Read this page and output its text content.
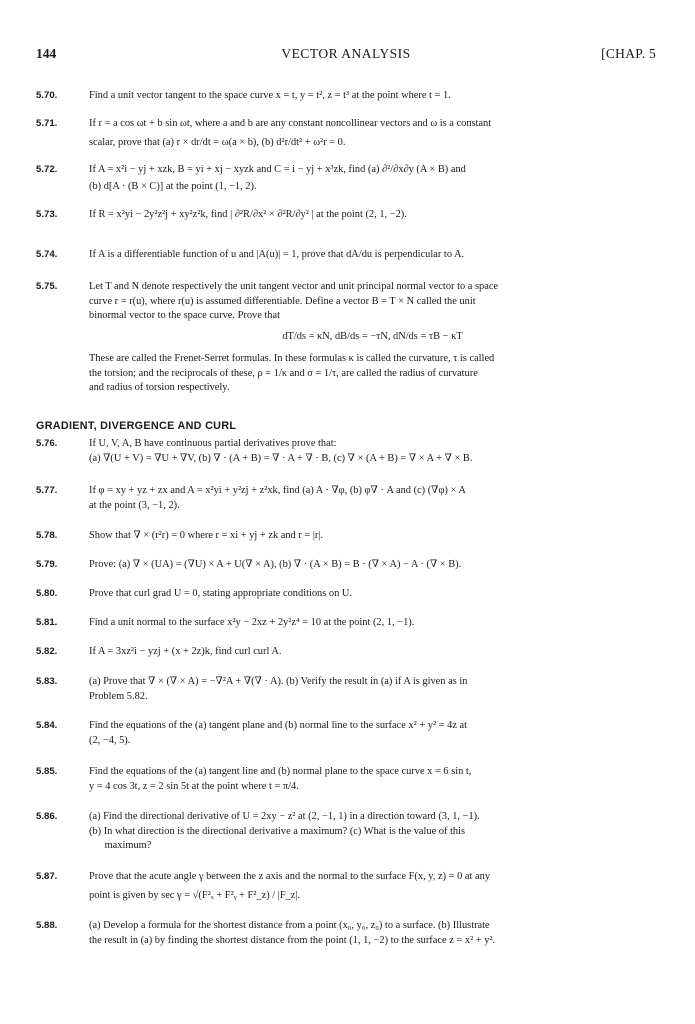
144	VECTOR ANALYSIS	[CHAP. 5
5.70.	Find a unit vector tangent to the space curve x = t, y = t², z = t³ at the point where t = 1.
5.71.	If r = a cos ωt + b sin ωt, where a and b are any constant noncollinear vectors and ω is a constant
scalar, prove that (a) r × dr/dt = ω(a × b), (b) d²r/dt² + ω²r = 0.
5.72.	If A = x²i − yj + xzk, B = yi + xj − xyzk and C = i − yj + x³zk, find (a) ∂²/∂x∂y (A × B) and
(b) d[A · (B × C)] at the point (1, −1, 2).
5.73.	If R = x²yi − 2y²z²j + xy²z²k, find | ∂²R/∂x² × ∂²R/∂y² | at the point (2, 1, −2).
5.74.	If A is a differentiable function of u and |A(u)| = 1, prove that dA/du is perpendicular to A.
5.75.	Let T and N denote respectively the unit tangent vector and unit principal normal vector to a space
curve r = r(u), where r(u) is assumed differentiable. Define a vector B = T × N called the unit
binormal vector to the space curve. Prove that
dT/ds = κN, dB/ds = −τN, dN/ds = τB − κT
These are called the Frenet-Serret formulas. In these formulas κ is called the curvature, τ is called
the torsion; and the reciprocals of these, ρ = 1/κ and σ = 1/τ, are called the radius of curvature
and radius of torsion respectively.
GRADIENT, DIVERGENCE AND CURL
5.76.	If U, V, A, B have continuous partial derivatives prove that:
(a) ∇(U + V) = ∇U + ∇V, (b) ∇ · (A + B) = ∇ · A + ∇ · B, (c) ∇ × (A + B) = ∇ × A + ∇ × B.
5.77.	If φ = xy + yz + zx and A = x²yi + y²zj + z²xk, find (a) A · ∇φ, (b) φ∇ · A and (c) (∇φ) × A
at the point (3, −1, 2).
5.78.	Show that ∇ × (r²r) = 0 where r = xi + yj + zk and r = |r|.
5.79.	Prove: (a) ∇ × (UA) = (∇U) × A + U(∇ × A), (b) ∇ · (A × B) = B · (∇ × A) − A · (∇ × B).
5.80.	Prove that curl grad U = 0, stating appropriate conditions on U.
5.81.	Find a unit normal to the surface x²y − 2xz + 2y²z⁴ = 10 at the point (2, 1, −1).
5.82.	If A = 3xz²i − yzj + (x + 2z)k, find curl curl A.
5.83.	(a) Prove that ∇ × (∇ × A) = −∇²A + ∇(∇ · A). (b) Verify the result in (a) if A is given as in
Problem 5.82.
5.84.	Find the equations of the (a) tangent plane and (b) normal line to the surface x² + y² = 4z at
(2, −4, 5).
5.85.	Find the equations of the (a) tangent line and (b) normal plane to the space curve x = 6 sin t,
y = 4 cos 3t, z = 2 sin 5t at the point where t = π/4.
5.86.	(a) Find the directional derivative of U = 2xy − z² at (2, −1, 1) in a direction toward (3, 1, −1).
(b) In what direction is the directional derivative a maximum? (c) What is the value of this
maximum?
5.87.	Prove that the acute angle γ between the z axis and the normal to the surface F(x, y, z) = 0 at any
point is given by sec γ = √(F²ₓ + F²ᵧ + F²_z) / |F_z|.
5.88.	(a) Develop a formula for the shortest distance from a point (x₀, y₀, z₀) to a surface. (b) Illustrate
the result in (a) by finding the shortest distance from the point (1, 1, −2) to the surface z = x² + y².
